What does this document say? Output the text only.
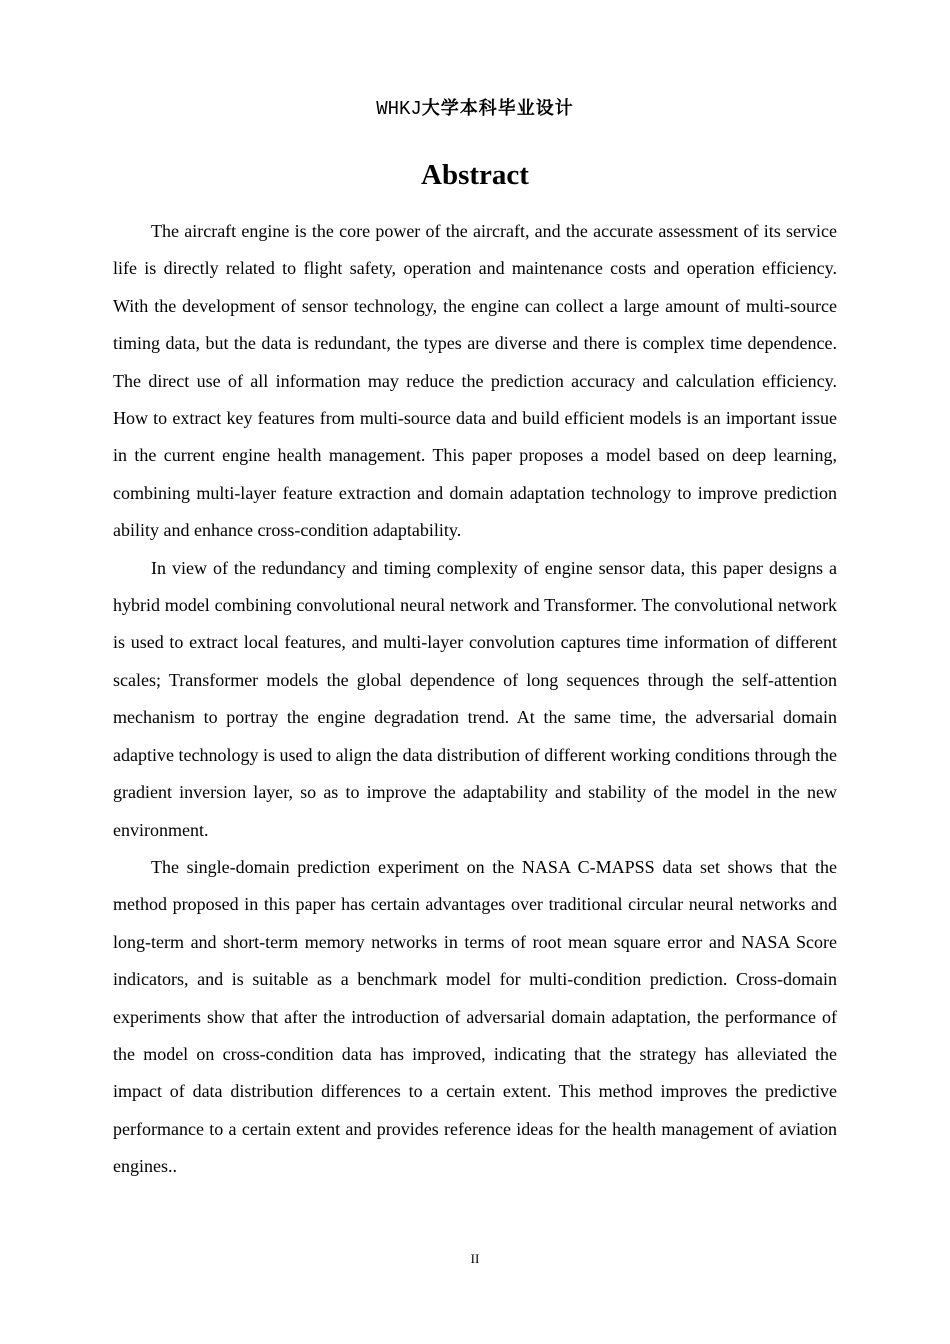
WHKJ大学本科毕业设计
Abstract

The aircraft engine is the core power of the aircraft, and the accurate assessment of its service life is directly related to flight safety, operation and maintenance costs and operation efficiency. With the development of sensor technology, the engine can collect a large amount of multi-source timing data, but the data is redundant, the types are diverse and there is complex time dependence. The direct use of all information may reduce the prediction accuracy and calculation efficiency. How to extract key features from multi-source data and build efficient models is an important issue in the current engine health management. This paper proposes a model based on deep learning, combining multi-layer feature extraction and domain adaptation technology to improve prediction ability and enhance cross-condition adaptability.

In view of the redundancy and timing complexity of engine sensor data, this paper designs a hybrid model combining convolutional neural network and Transformer. The convolutional network is used to extract local features, and multi-layer convolution captures time information of different scales; Transformer models the global dependence of long sequences through the self-attention mechanism to portray the engine degradation trend. At the same time, the adversarial domain adaptive technology is used to align the data distribution of different working conditions through the gradient inversion layer, so as to improve the adaptability and stability of the model in the new environment.

The single-domain prediction experiment on the NASA C-MAPSS data set shows that the method proposed in this paper has certain advantages over traditional circular neural networks and long-term and short-term memory networks in terms of root mean square error and NASA Score indicators, and is suitable as a benchmark model for multi-condition prediction. Cross-domain experiments show that after the introduction of adversarial domain adaptation, the performance of the model on cross-condition data has improved, indicating that the strategy has alleviated the impact of data distribution differences to a certain extent. This method improves the predictive performance to a certain extent and provides reference ideas for the health management of aviation engines..

II
